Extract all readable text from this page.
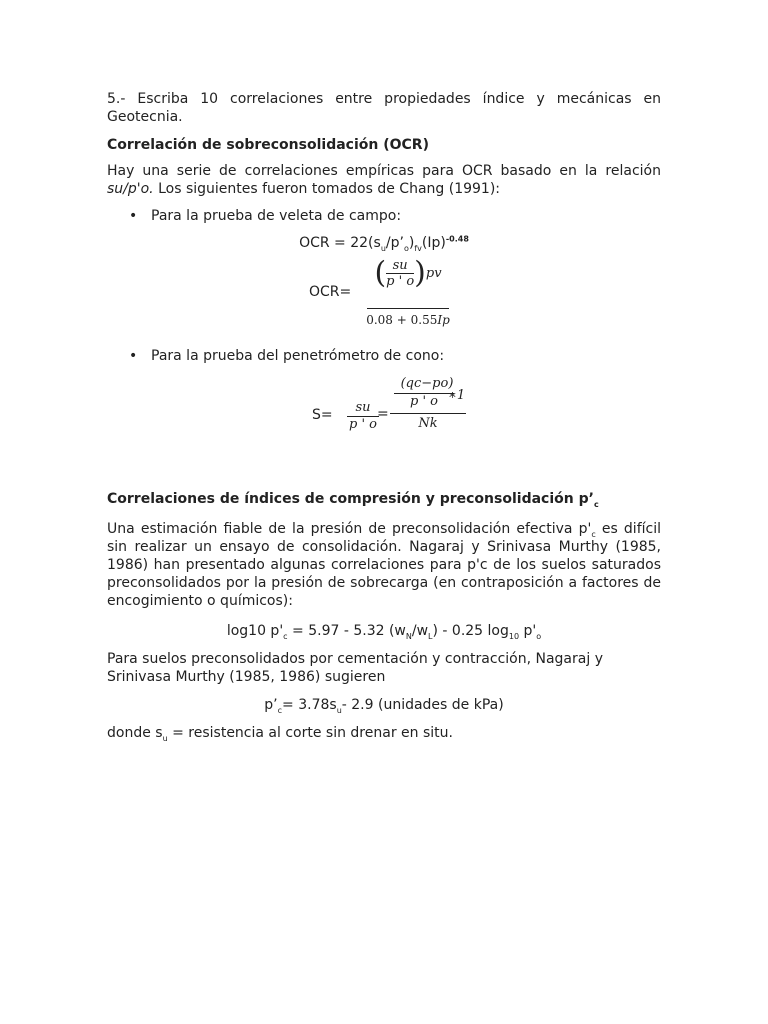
5.- Escriba 10 correlaciones entre propiedades índice y mecánicas en Geotecnia.

Correlación de sobreconsolidación (OCR)

Hay una serie de correlaciones empíricas para OCR basado en la relación su/p'o. Los siguientes fueron tomados de Chang (1991):

• Para la prueba de veleta de campo:

OCR = $22(s_u/p’_o)_{fv}(Ip)^{-0.48}$

OCR=
( $\frac{su}{p ' o} )pv$
0.08 + 0.55Ip
• Para la prueba del penetrómetro de cono:
S=	su
p ' o
=
(qc−po)
p ' o ∗1
Nk

Correlaciones de índices de compresión y preconsolidación $p’_c$

Una estimación fiable de la presión de preconsolidación efectiva $p'_c$ es difícil sin realizar un ensayo de consolidación. Nagaraj y Srinivasa Murthy (1985, 1986) han presentado algunas correlaciones para p'c de los suelos saturados preconsolidados por la presión de sobrecarga (en contraposición a factores de encogimiento o químicos):

log10 $p'_c = 5.97 - 5.32$ $(w_N/w_L) - 0.25$ $\log_{10} p'_o$

Para suelos preconsolidados por cementación y contracción, Nagaraj y Srinivasa Murthy (1985, 1986) sugieren

$p’_c= 3.78s_u-$ 2.9 (unidades de kPa)

donde $s_u$ = resistencia al corte sin drenar en situ.
